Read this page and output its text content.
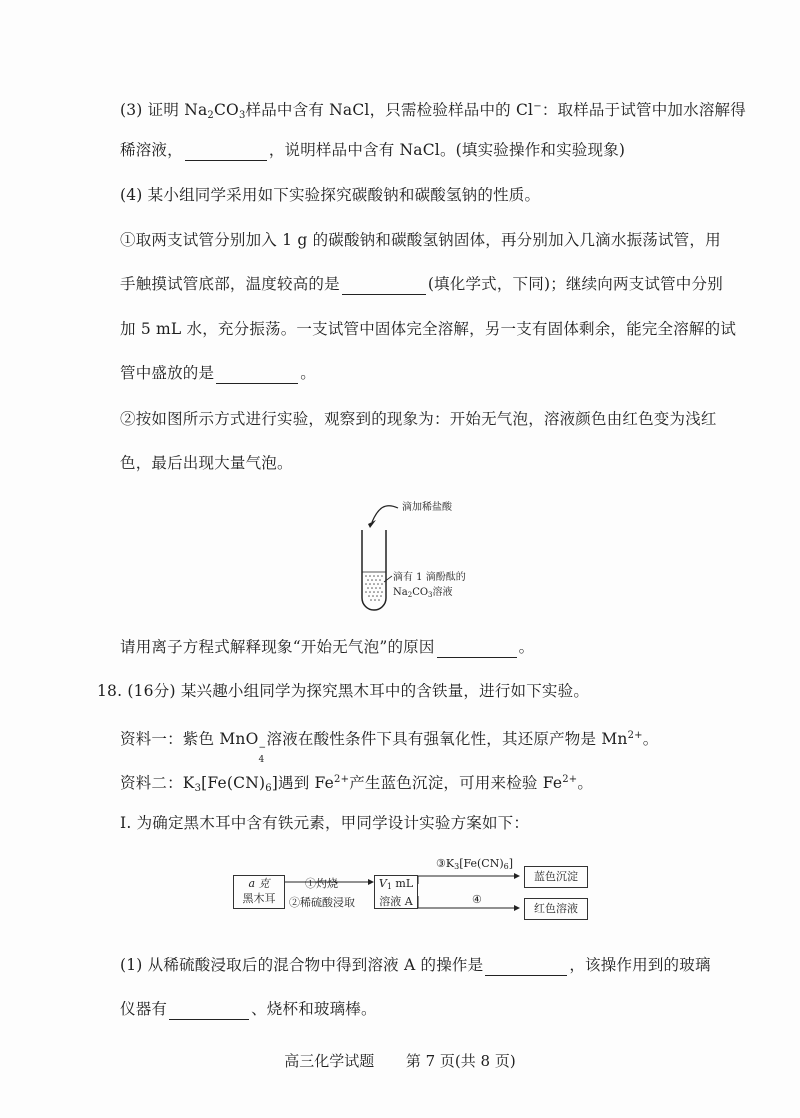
(3) 证明 $Na_2CO_3$样品中含有 NaCl，只需检验样品中的 Cl−：取样品于试管中加水溶解得
稀溶液，	，说明样品中含有 NaCl。(填实验操作和实验现象)
(4) 某小组同学采用如下实验探究碳酸钠和碳酸氢钠的性质。
①取两支试管分别加入 1 g 的碳酸钠和碳酸氢钠固体，再分别加入几滴水振荡试管，用
手触摸试管底部，温度较高的是	(填化学式，下同)；继续向两支试管中分别
加 5 mL 水，充分振荡。一支试管中固体完全溶解，另一支有固体剩余，能完全溶解的试
管中盛放的是	。
②按如图所示方式进行实验，观察到的现象为：开始无气泡，溶液颜色由红色变为浅红
色，最后出现大量气泡。
滴加稀盐酸
滴有 1 滴酚酞的
$Na_2CO_3$溶液
请用离子方程式解释现象“开始无气泡”的原因	。
18. (16分) 某兴趣小组同学为探究黑木耳中的含铁量，进行如下实验。
资料一：紫色 MnO −
4
溶液在酸性条件下具有强氧化性，其还原产物是 $Mn^{2+}$。
资料二：$K_3[Fe(CN)_6]$遇到 $Fe^{2+}$产生蓝色沉淀，可用来检验 $Fe^{2+}$。
Ⅰ. 为确定黑木耳中含有铁元素，甲同学设计实验方案如下：
a 克
黑木耳
①灼烧
②稀硫酸浸取
V1 mL
溶液 A
③K3[Fe(CN)6]
④
蓝色沉淀
红色溶液
(1) 从稀硫酸浸取后的混合物中得到溶液 A 的操作是	，该操作用到的玻璃
仪器有	、烧杯和玻璃棒。
高三化学试题 第 7 页(共 8 页)
